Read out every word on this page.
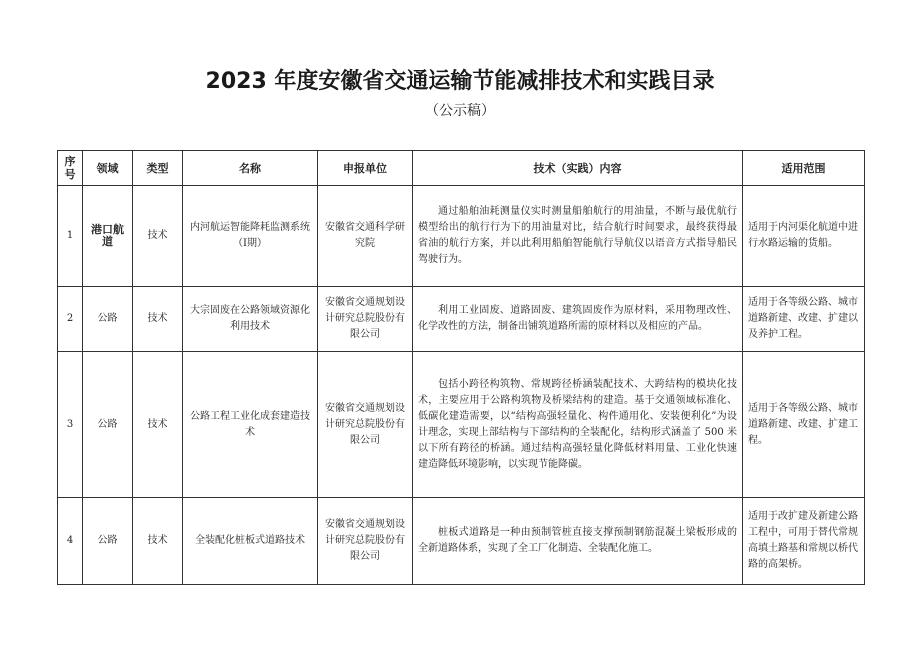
2023 年度安徽省交通运输节能减排技术和实践目录
（公示稿）
序号	领域	类型	名称	申报单位	技术（实践）内容	适用范围
1	港口航道	技术	内河航运智能降耗监测系统（Ⅰ期）	安徽省交通科学研究院	通过船舶油耗测量仪实时测量船舶航行的用油量，不断与最优航行模型给出的航行行为下的用油量对比，结合航行时间要求，最终获得最省油的航行方案，并以此利用船舶智能航行导航仪以语音方式指导船民驾驶行为。	适用于内河渠化航道中进行水路运输的货船。
2	公路	技术	大宗固废在公路领域资源化利用技术	安徽省交通规划设计研究总院股份有限公司	利用工业固废、道路固废、建筑固废作为原材料，采用物理改性、化学改性的方法，制备出铺筑道路所需的原材料以及相应的产品。	适用于各等级公路、城市道路新建、改建、扩建以及养护工程。
3	公路	技术	公路工程工业化成套建造技术	安徽省交通规划设计研究总院股份有限公司	包括小跨径构筑物、常规跨径桥涵装配技术、大跨结构的模块化技术，主要应用于公路构筑物及桥梁结构的建造。基于交通领域标准化、低碳化建造需要，以“结构高强轻量化、构件通用化、安装便利化”为设计理念，实现上部结构与下部结构的全装配化，结构形式涵盖了 500 米以下所有跨径的桥涵。通过结构高强轻量化降低材料用量、工业化快速建造降低环境影响，以实现节能降碳。	适用于各等级公路、城市道路新建、改建、扩建工程。
4	公路	技术	全装配化桩板式道路技术	安徽省交通规划设计研究总院股份有限公司	桩板式道路是一种由预制管桩直接支撑预制钢筋混凝土梁板形成的全新道路体系，实现了全工厂化制造、全装配化施工。	适用于改扩建及新建公路工程中，可用于替代常规高填土路基和常规以桥代路的高架桥。
